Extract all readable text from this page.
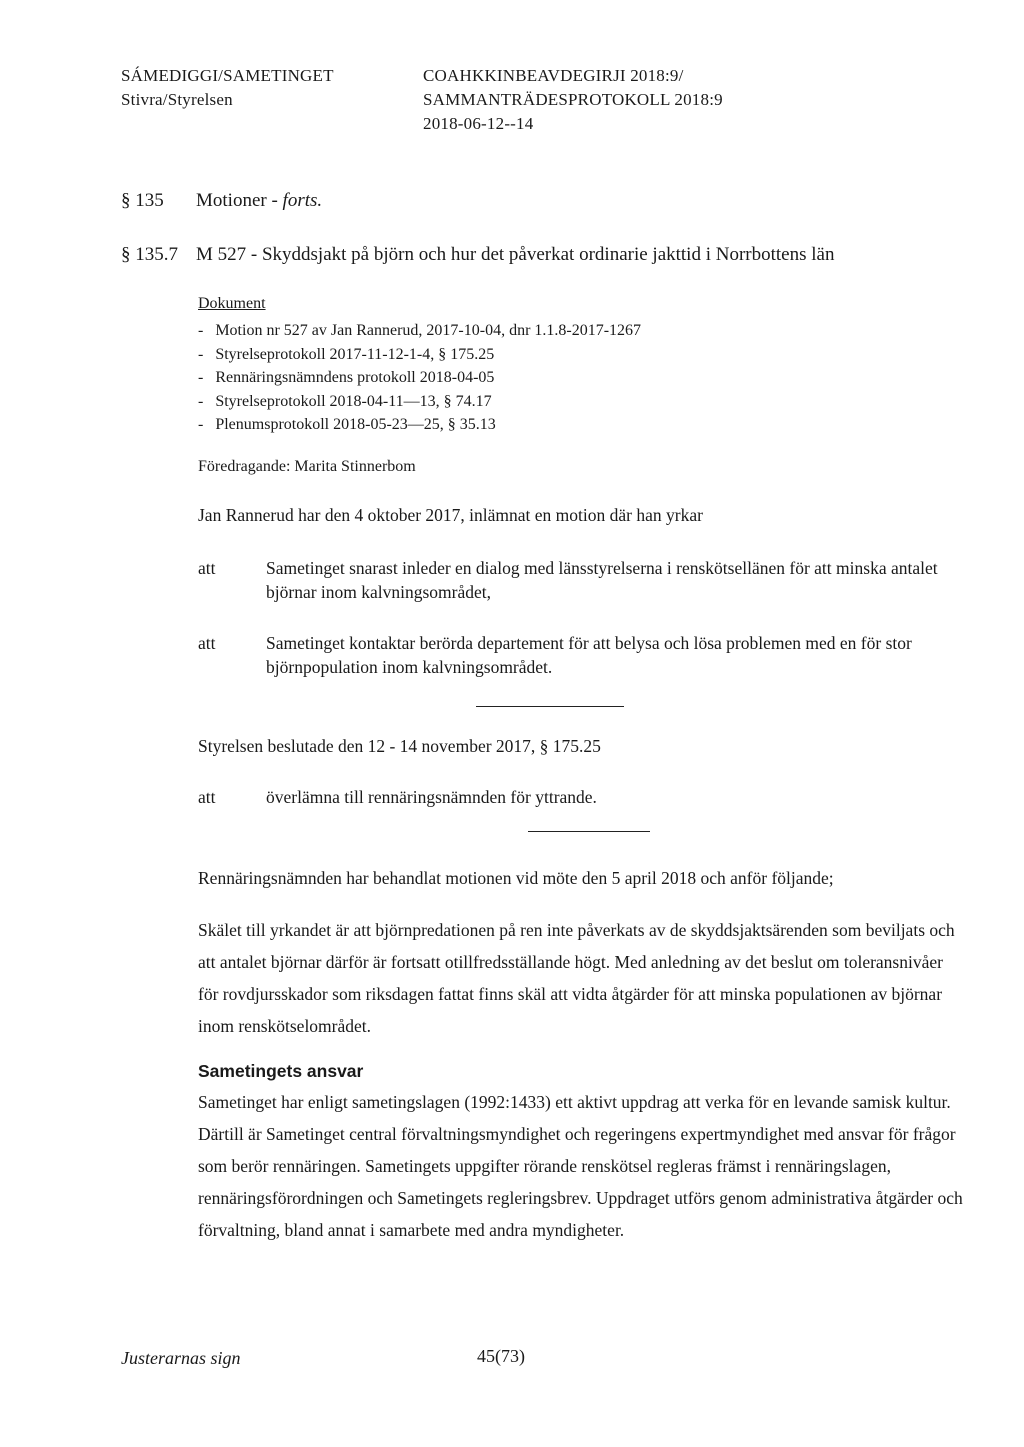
SÁMEDIGGI/SAMETINGET
Stivra/Styrelsen
COAHKKINBEAVDEGIRJI 2018:9/
SAMMANTRÄDESPROTOKOLL 2018:9
2018-06-12--14
§ 135 Motioner - forts.
§ 135.7 M 527 - Skyddsjakt på björn och hur det påverkat ordinarie jakttid i Norrbottens län
Dokument
-   Motion nr 527 av Jan Rannerud, 2017-10-04, dnr 1.1.8-2017-1267
-   Styrelseprotokoll 2017-11-12-1-4, § 175.25
-   Rennäringsnämndens protokoll 2018-04-05
-   Styrelseprotokoll 2018-04-11—13, § 74.17
-   Plenumsprotokoll 2018-05-23—25, § 35.13
Föredragande: Marita Stinnerbom
Jan Rannerud har den 4 oktober 2017, inlämnat en motion där han yrkar
att	Sametinget snarast inleder en dialog med länsstyrelserna i renskötsellänen för att minska antalet björnar inom kalvningsområdet,
att	Sametinget kontaktar berörda departement för att belysa och lösa problemen med en för stor björnpopulation inom kalvningsområdet.
Styrelsen beslutade den 12 - 14 november 2017, § 175.25
att	överlämna till rennäringsnämnden för yttrande.
Rennäringsnämnden har behandlat motionen vid möte den 5 april 2018 och anför följande;
Skälet till yrkandet är att björnpredationen på ren inte påverkats av de skyddsjaktsärenden som beviljats och att antalet björnar därför är fortsatt otillfredsställande högt. Med anledning av det beslut om toleransnivåer för rovdjursskador som riksdagen fattat finns skäl att vidta åtgärder för att minska populationen av björnar inom renskötselområdet.
Sametingets ansvar
Sametinget har enligt sametingslagen (1992:1433) ett aktivt uppdrag att verka för en levande samisk kultur. Därtill är Sametinget central förvaltningsmyndighet och regeringens expertmyndighet med ansvar för frågor som berör rennäringen. Sametingets uppgifter rörande renskötsel regleras främst i rennäringslagen, rennäringsförordningen och Sametingets regleringsbrev. Uppdraget utförs genom administrativa åtgärder och förvaltning, bland annat i samarbete med andra myndigheter.
Justerarnas sign	45(73)
